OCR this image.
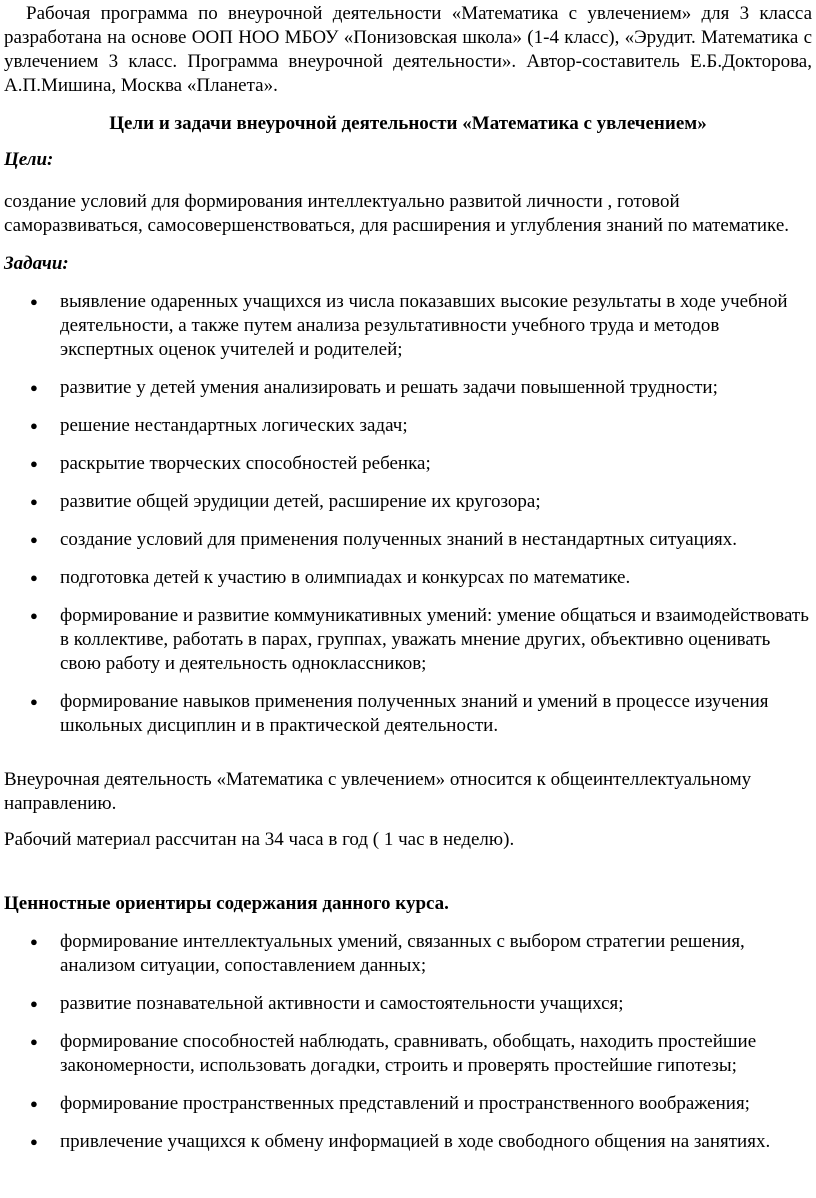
Рабочая программа по внеурочной деятельности «Математика с увлечением» для 3 класса разработана на основе ООП НОО МБОУ «Понизовская школа» (1-4 класс), «Эрудит. Математика с увлечением 3 класс. Программа внеурочной деятельности». Автор-составитель Е.Б.Докторова, А.П.Мишина, Москва «Планета».

Цели и задачи внеурочной деятельности «Математика с увлечением»

Цели:

создание условий для формирования интеллектуально развитой личности , готовой саморазвиваться, самосовершенствоваться, для расширения и углубления знаний по математике.

Задачи:

● выявление одаренных учащихся из числа показавших высокие результаты в ходе учебной деятельности, а также путем анализа результативности учебного труда и методов экспертных оценок учителей и родителей;
● развитие у детей умения анализировать и решать задачи повышенной трудности;
● решение нестандартных логических задач;
● раскрытие творческих способностей ребенка;
● развитие общей эрудиции детей, расширение их кругозора;
● создание условий для применения полученных знаний в нестандартных ситуациях.
● подготовка детей к участию в олимпиадах и конкурсах по математике.
● формирование и развитие коммуникативных умений: умение общаться и взаимодействовать в коллективе, работать в парах, группах, уважать мнение других, объективно оценивать свою работу и деятельность одноклассников;
● формирование навыков применения полученных знаний и умений в процессе изучения школьных дисциплин и в практической деятельности.

Внеурочная деятельность «Математика с увлечением» относится к общеинтеллектуальному направлению.

Рабочий материал рассчитан на 34 часа в год ( 1 час в неделю).

Ценностные ориентиры содержания данного курса.

● формирование интеллектуальных умений, связанных с выбором стратегии решения, анализом ситуации, сопоставлением данных;
● развитие познавательной активности и самостоятельности учащихся;
● формирование способностей наблюдать, сравнивать, обобщать, находить простейшие закономерности, использовать догадки, строить и проверять простейшие гипотезы;
● формирование пространственных представлений и пространственного воображения;
● привлечение учащихся к обмену информацией в ходе свободного общения на занятиях.
